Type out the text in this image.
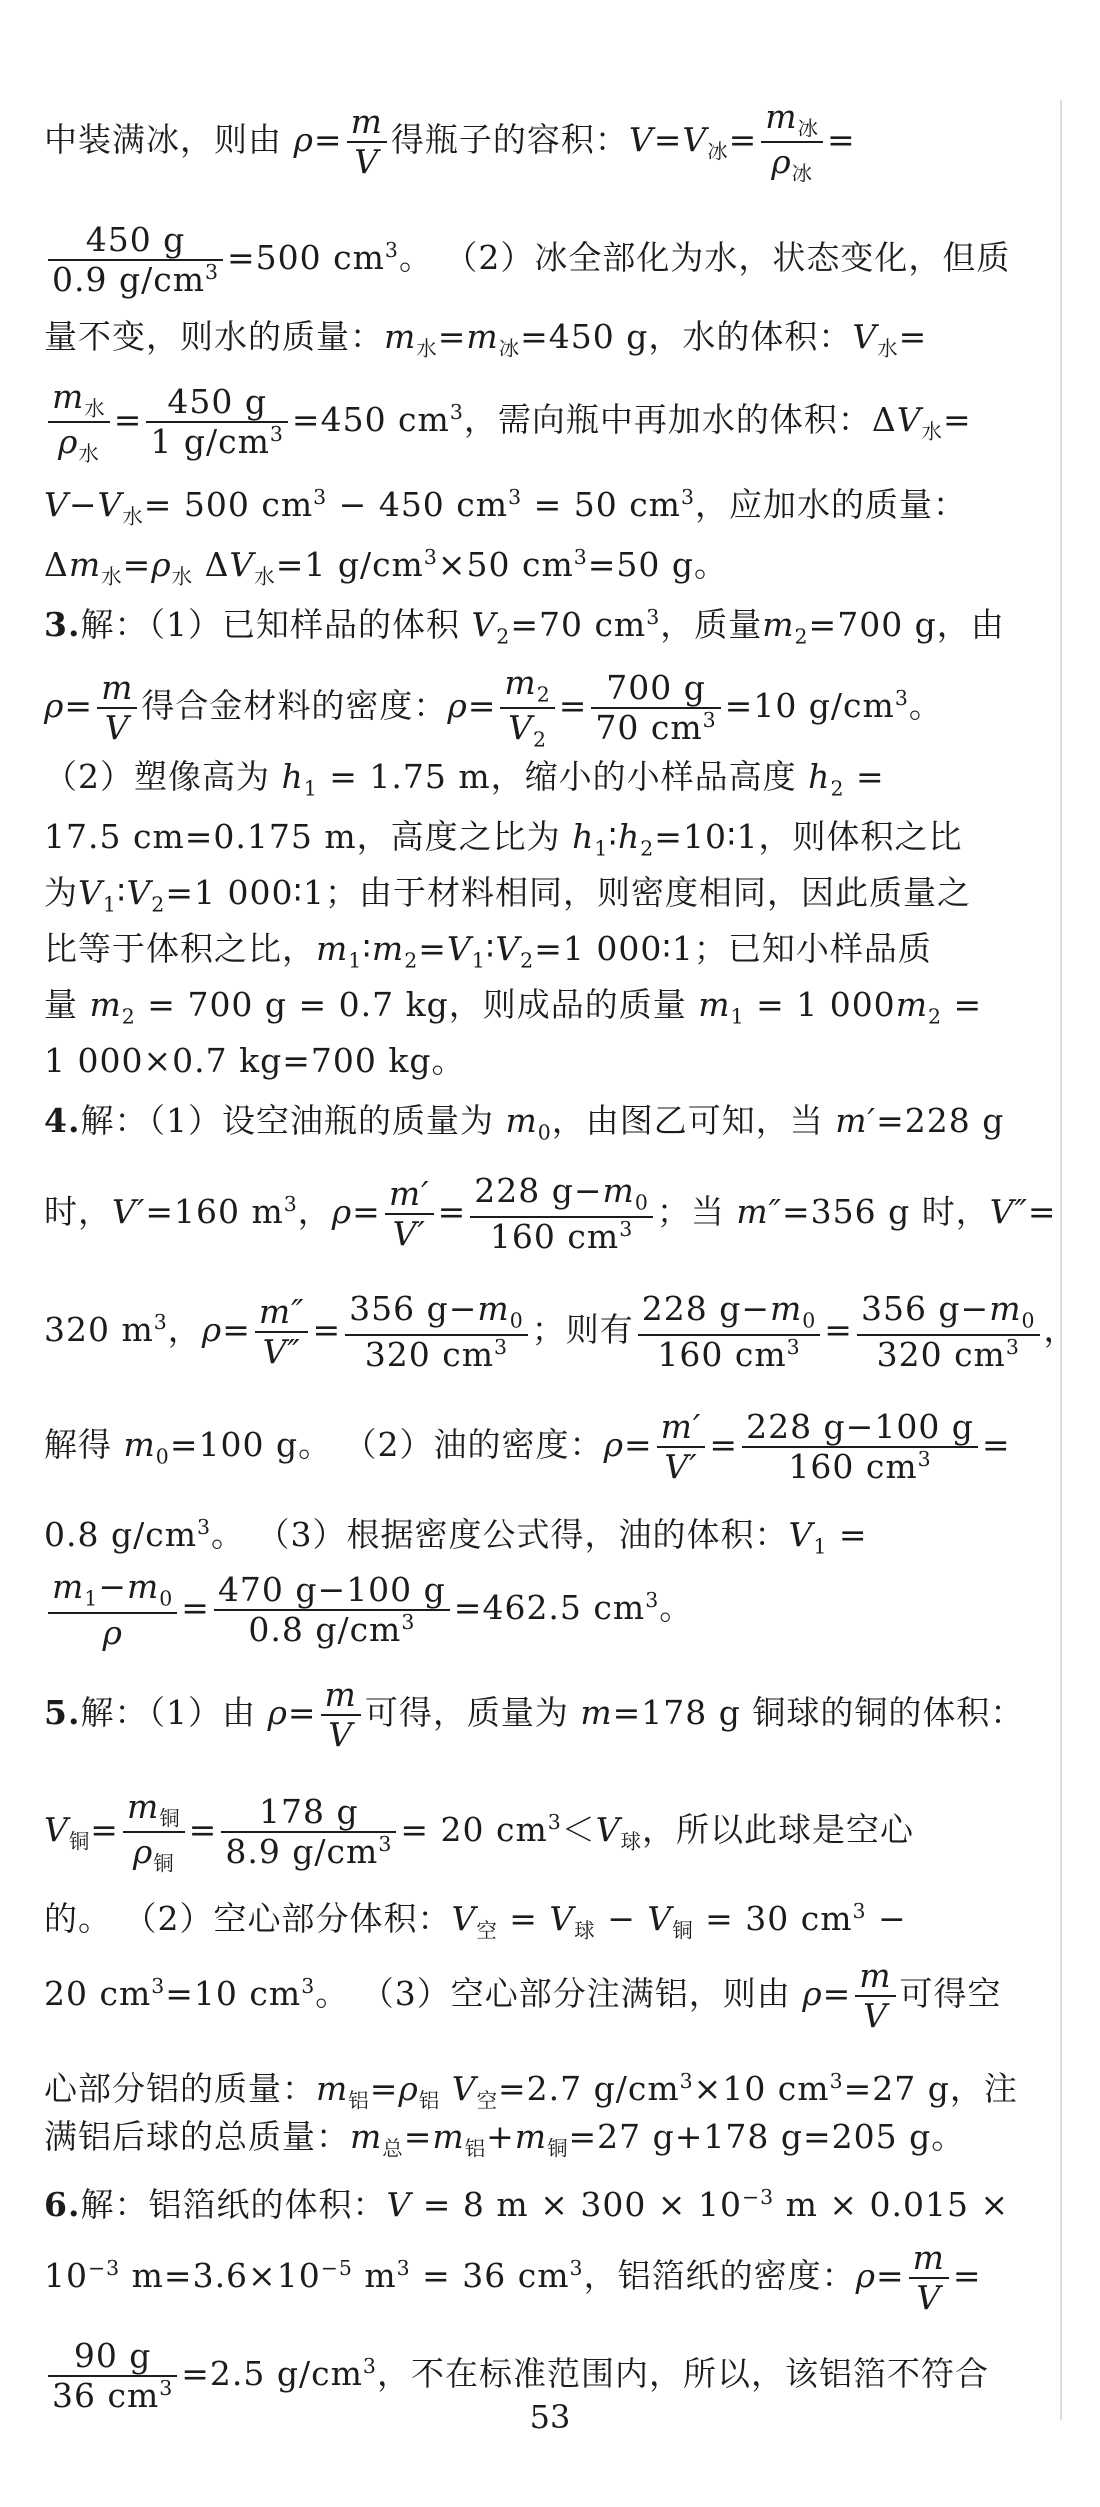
中装满冰，则由 $\rho= \frac{m}{V}$ 得瓶子的容积：$V=V_冰= \frac{m_冰}{\rho_冰}$ =
$\frac{450 g}{0.9 g/cm^3} =500$ $cm^3$。 （2）冰全部化为水，状态变化，但质
量不变，则水的质量：$m_水=m_冰=450$ g，水的体积：$V_水=$
$\frac{m_水}{\rho_水} = \frac{450 g}{1 g/cm^3} =450$ $cm^3$，需向瓶中再加水的体积：$\Delta V_水=$
$V-V_水= 500$ $cm^3 - 450$ $cm^3 = 50$ $cm^3$，应加水的质量：
$\Delta m_水=\rho_水$ $\Delta V_水=1$ $g/cm^3\times 50$ $cm^3=50$ g。
3.解：（1）已知样品的体积 $V_2=70$ $cm^3$，质量$m_2=700$ g，由
$\rho= \frac{m}{V}$ 得合金材料的密度：$\rho= \frac{m_2}{V_2} = \frac{700 g}{70 cm^3} =10$ $g/cm^3$。
（2）塑像高为 $h_1 = 1.75$ m，缩小的小样品高度 $h_2$ =
17.5 cm=0.175 m，高度之比为 $h_1∶h_2=10∶1$，则体积之比
为$V_1∶V_2=1$ 000∶1；由于材料相同，则密度相同，因此质量之
比等于体积之比，$m_1∶m_2=V_1∶V_2=1$ 000∶1；已知小样品质
量 $m_2 = 700$ g = 0.7 kg，则成品的质量 $m_1 = 1$ $000m_2$ =
1 000×0.7 kg=700 kg。
4.解：（1）设空油瓶的质量为 $m_0$，由图乙可知，当 m′=228 g
时，V′=160 $m^3$，$\rho= \frac{m'}{V'} = \frac{228 g-m_0}{160 cm^3}$ ；当 m″=356 g 时，V″=
320 $m^3$，$\rho= \frac{m''}{V''} = \frac{356 g-m_0}{320 cm^3}$ ；则有 $\frac{228 g-m_0}{160 cm^3} = \frac{356 g-m_0}{320 cm^3}$ ，
解得 $m_0=100$ g。 （2）油的密度：$\rho= \frac{m'}{V'} = \frac{228 g-100 g}{160 cm^3}$ =
0.8 $g/cm^3$。 （3）根据密度公式得，油的体积：$V_1$ =
$\frac{m_1-m_0}{\rho} = \frac{470 g-100 g}{0.8 g/cm^3} =462.5$ $cm^3$。
5.解：（1）由 $\rho= \frac{m}{V}$ 可得，质量为 m=178 g 铜球的铜的体积：
$V_铜= \frac{m_铜}{\rho_铜} = \frac{178 g}{8.9 g/cm^3} = 20$ $cm^3<V_球$，所以此球是空心
的。 （2）空心部分体积：$V_空 = V_球 - V_铜 = 30$ $cm^3$ −
20 $cm^3=10$ $cm^3$。 （3）空心部分注满铝，则由 $\rho= \frac{m}{V}$ 可得空
心部分铝的质量：$m_铝=\rho_铝$ $V_空=2.7$ $g/cm^3\times 10$ $cm^3=27$ g，注
满铝后球的总质量：$m_总=m_铝+m_铜=27$ g+178 g=205 g。
6.解：铝箔纸的体积：V = 8 $m \times 300 \times 10^{-3}$ m × 0.015 ×
$10^{-3}$ $m=3.6\times 10^{-5}$ $m^3 = 36$ $cm^3$，铝箔纸的密度：$\rho= \frac{m}{V}$ =
$\frac{90 g}{36 cm^3} =2.5$ $g/cm^3$，不在标准范围内，所以，该铝箔不符合
53
